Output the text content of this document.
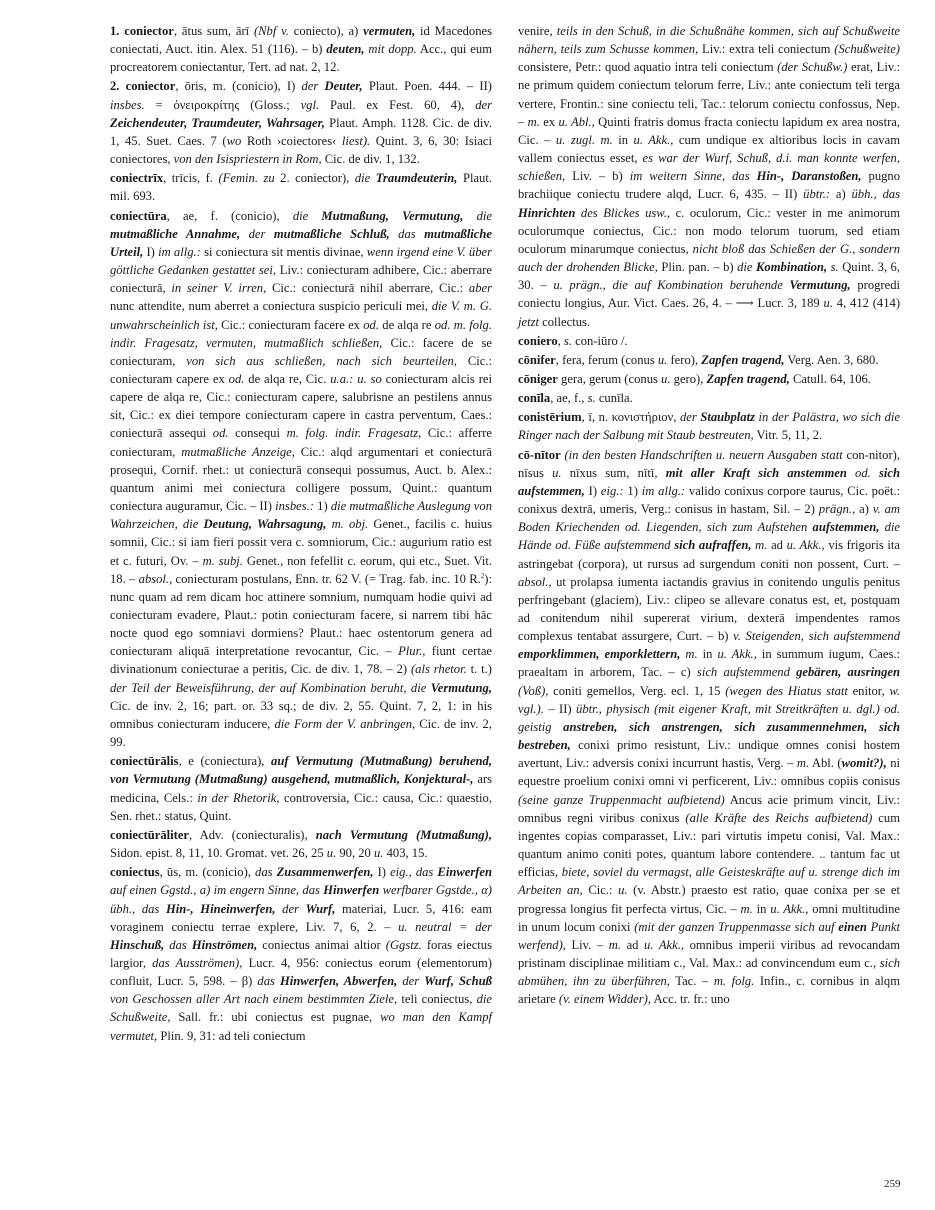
1. coniector, ātus sum, ārī (Nbf v. coniecto), a) vermuten, id Macedones coniectati, Auct. itin. Alex. 51 (116). – b) deuten, mit dopp. Acc., qui eum procreatorem coniectantur, Tert. ad nat. 2, 12.
2. coniector, ōris, m. (conicio), I) der Deuter, Plaut. Poen. 444. – II) insbes. = ὀνειροκρίτης (Gloss.; vgl. Paul. ex Fest. 60, 4), der Zeichendeuter, Traumdeuter, Wahrsager, Plaut. Amph. 1128. Cic. de div. 1, 45. Suet. Caes. 7 (wo Roth ›coiectores‹ liest). Quint. 3, 6, 30: Isiaci coniectores, von den Isispriestern in Rom, Cic. de div. 1, 132.
coniectrīx, trīcis, f. (Femin. zu 2. coniector), die Traumdeuterin, Plaut. mil. 693.
coniectūra, ae, f. (conicio), die Mutmaßung, Vermutung, die mutmaßliche Annahme, der mutmaßliche Schluß, das mutmaßliche Urteil, I) im allg.: si coniectura sit mentis divinae, wenn irgend eine V. über göttliche Gedanken gestattet sei, Liv.: coniecturam adhibere, Cic.: aberrare coniecturā, in seiner V. irren, Cic.: coniecturā nihil aberrare, Cic.: aber nunc attendite, num aberret a coniectura suspicio periculi mei, die V. m. G. unwahrscheinlich ist, Cic.: coniecturam facere ex od. de alqa re od. m. folg. indir. Fragesatz, vermuten, mutmaßlich schließen, Cic.: facere de se coniecturam, von sich aus schließen, nach sich beurteilen, Cic.: coniecturam capere ex od. de alqa re, Cic. u.a.: u. so coniecturam alcis rei capere de alqa re, Cic.: coniecturam capere, salubrisne an pestilens annus sit, Cic.: ex diei tempore coniecturam capere in castra perventum, Caes.: coniecturā assequi od. consequi m. folg. indir. Fragesatz, Cic.: afferre coniecturam, mutmaßliche Anzeige, Cic.: alqd argumentari et coniecturā prosequi, Cornif. rhet.: ut coniecturā consequi possumus, Auct. b. Alex.: quantum animi mei coniectura colligere possum, Quint.: quantum coniectura auguramur, Cic. – II) insbes.: 1) die mutmaßliche Auslegung von Wahrzeichen, die Deutung, Wahrsagung, m. obj. Genet., facilis c. huius somnii, Cic.: si iam fieri possit vera c. somniorum, Cic.: augurium ratio est et c. futuri, Ov. – m. subj. Genet., non fefellit c. eorum, qui etc., Suet. Vit. 18. – absol., coniecturam postulans, Enn. tr. 62 V. (= Trag. fab. inc. 10 R.$^2$): nunc quam ad rem dicam hoc attinere somnium, numquam hodie quivi ad coniecturam evadere, Plaut.: potin coniecturam facere, si narrem tibi hāc nocte quod ego somniavi dormiens? Plaut.: haec ostentorum genera ad coniecturam aliquā interpretatione revocantur, Cic. – Plur., fiunt certae divinationum coniecturae a peritis, Cic. de div. 1, 78. – 2) (als rhetor. t. t.) der Teil der Beweisführung, der auf Kombination beruht, die Vermutung, Cic. de inv. 2, 16; part. or. 33 sq.; de div. 2, 55. Quint. 7, 2, 1: in his omnibus coniecturam inducere, die Form der V. anbringen, Cic. de inv. 2, 99.
coniectūrālis, e (coniectura), auf Vermutung (Mutmaßung) beruhend, von Vermutung (Mutmaßung) ausgehend, mutmaßlich, Konjektural-, ars medicina, Cels.: in der Rhetorik, controversia, Cic.: causa, Cic.: quaestio, Sen. rhet.: status, Quint.
coniectūrāliter, Adv. (coniecturalis), nach Vermutung (Mutmaßung), Sidon. epist. 8, 11, 10. Gromat. vet. 26, 25 u. 90, 20 u. 403, 15.
coniectus, ūs, m. (conicio), das Zusammenwerfen, I) eig., das Einwerfen auf einen Ggstd., a) im engern Sinne, das Hinwerfen werfbarer Ggstde., α) übh., das Hin-, Hineinwerfen, der Wurf, materiai, Lucr. 5, 416: eam voraginem coniectu terrae explere, Liv. 7, 6, 2. – u. neutral = der Hinschuß, das Hinströmen, coniectus animai altior (Ggstz. foras eiectus largior, das Ausströmen), Lucr. 4, 956: coniectus eorum (elementorum) confluit, Lucr. 5, 598. – β) das Hinwerfen, Abwerfen, der Wurf, Schuß von Geschossen aller Art nach einem bestimmten Ziele, teli coniectus, die Schußweite, Sall. fr.: ubi coniectus est pugnae, wo man den Kampf vermutet, Plin. 9, 31: ad teli coniectum
venire, teils in den Schuß, in die Schußnähe kommen, sich auf Schußweite nähern, teils zum Schusse kommen, Liv.: extra teli coniectum (Schußweite) consistere, Petr.: quod aquatio intra teli coniectum (der Schußw.) erat, Liv.: ne primum quidem coniectum telorum ferre, Liv.: ante coniectum teli terga vertere, Frontin.: sine coniectu teli, Tac.: telorum coniectu confossus, Nep. – m. ex u. Abl., Quinti fratris domus fracta coniectu lapidum ex area nostra, Cic. – u. zugl. m. in u. Akk., cum undique ex altioribus locis in cavam vallem coniectus esset, es war der Wurf, Schuß, d.i. man konnte werfen, schießen, Liv. – b) im weitern Sinne, das Hin-, Daranstoßen, pugno brachiique coniectu trudere alqd, Lucr. 6, 435. – II) übtr.: a) übh., das Hinrichten des Blickes usw., c. oculorum, Cic.: vester in me animorum oculorumque coniectus, Cic.: non modo telorum tuorum, sed etiam oculorum minarumque coniectus, nicht bloß das Schießen der G., sondern auch der drohenden Blicke, Plin. pan. – b) die Kombination, s. Quint. 3, 6, 30. – u. prägn., die auf Kombination beruhende Vermutung, progredi coniectu longius, Aur. Vict. Caes. 26, 4. – ⟶ Lucr. 3, 189 u. 4, 412 (414) jetzt collectus.
coniero, s. con-iūro /.
cōnifer, fera, ferum (conus u. fero), Zapfen tragend, Verg. Aen. 3, 680.
cōniger gera, gerum (conus u. gero), Zapfen tragend, Catull. 64, 106.
conīla, ae, f., s. cunīla.
conistērium, ī, n. κονιστήριον, der Staubplatz in der Palästra, wo sich die Ringer nach der Salbung mit Staub bestreuten, Vitr. 5, 11, 2.
cō-nītor (in den besten Handschriften u. neuern Ausgaben statt con-nitor), nīsus u. nīxus sum, nītī, mit aller Kraft sich anstemmen od. sich aufstemmen, I) eig.: 1) im allg.: valido conixus corpore taurus, Cic. poët.: conixus dextrā, umeris, Verg.: conisus in hastam, Sil. – 2) prägn., a) v. am Boden Kriechenden od. Liegenden, sich zum Aufstehen aufstemmen, die Hände od. Füße aufstemmend sich aufraffen, m. ad u. Akk., vis frigoris ita astringebat (corpora), ut rursus ad surgendum coniti non possent, Curt. – absol., ut prolapsa iumenta iactandis gravius in conitendo ungulis penitus perfringebant (glaciem), Liv.: clipeo se allevare conatus est, et, postquam ad conitendum nihil supererat virium, dexterā impendentes ramos complexus tentabat assurgere, Curt. – b) v. Steigenden, sich aufstemmend emporklimmen, emporklettern, m. in u. Akk., in summum iugum, Caes.: praealtam in arborem, Tac. – c) sich aufstemmend gebären, ausringen (Voß), coniti gemellos, Verg. ecl. 1, 15 (wegen des Hiatus statt enitor, w. vgl.). – II) übtr., physisch (mit eigener Kraft, mit Streitkräften u. dgl.) od. geistig anstreben, sich anstrengen, sich zusammennehmen, sich bestreben, conixi primo resistunt, Liv.: undique omnes conisi hostem avertunt, Liv.: adversis conixi incurrunt hastis, Verg. – m. Abl. (womit?), ni equestre proelium conixi omni vi perficerent, Liv.: omnibus copiis conisus (seine ganze Truppenmacht aufbietend) Ancus acie primum vincit, Liv.: omnibus regni viribus conixus (alle Kräfte des Reichs aufbietend) cum ingentes copias comparasset, Liv.: pari virtutis impetu conisi, Val. Max.: quantum animo coniti potes, quantum labore contendere. .. tantum fac ut efficias, biete, soviel du vermagst, alle Geisteskräfte auf u. strenge dich im Arbeiten an, Cic.: u. (v. Abstr.) praesto est ratio, quae conixa per se et progressa longius fit perfecta virtus, Cic. – m. in u. Akk., omni multitudine in unum locum conixi (mit der ganzen Truppenmasse sich auf einen Punkt werfend), Liv. – m. ad u. Akk., omnibus imperii viribus ad revocandam pristinam disciplinae militiam c., Val. Max.: ad convincendum eum c., sich abmühen, ihn zu überführen, Tac. – m. folg. Infin., c. cornibus in alqm arietare (v. einem Widder), Acc. tr. fr.: uno
259
